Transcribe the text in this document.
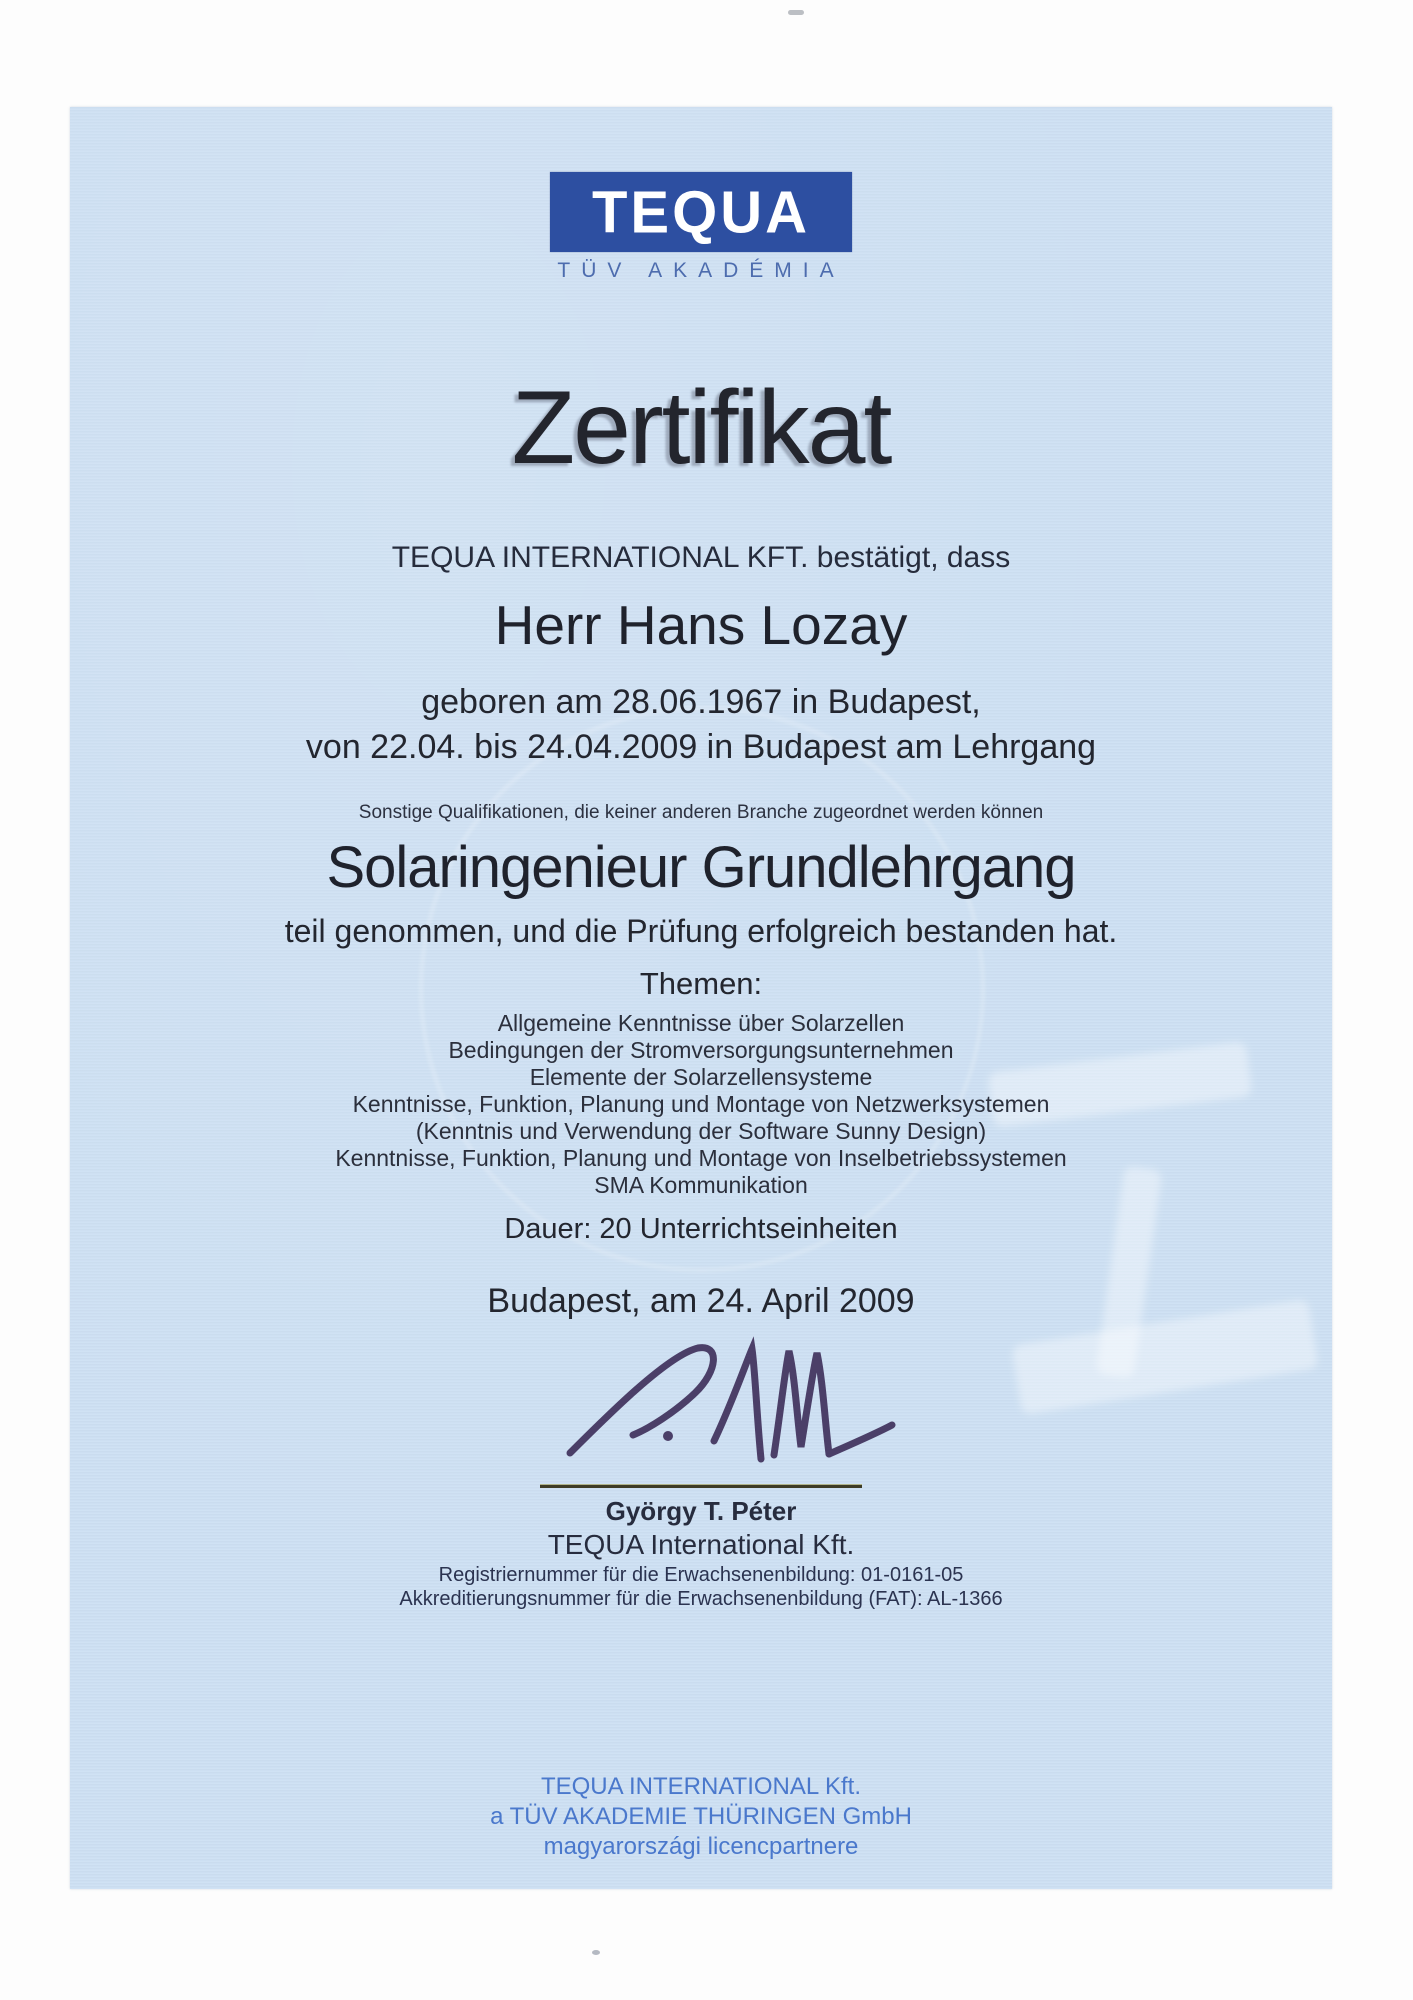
TEQUA
TÜV AKADÉMIA
Zertifikat
TEQUA INTERNATIONAL KFT. bestätigt, dass
Herr Hans Lozay
geboren am 28.06.1967 in Budapest,
von 22.04. bis 24.04.2009 in Budapest am Lehrgang
Sonstige Qualifikationen, die keiner anderen Branche zugeordnet werden können
Solaringenieur Grundlehrgang
teil genommen, und die Prüfung erfolgreich bestanden hat.
Themen:
Allgemeine Kenntnisse über Solarzellen
Bedingungen der Stromversorgungsunternehmen
Elemente der Solarzellensysteme
Kenntnisse, Funktion, Planung und Montage von Netzwerksystemen
(Kenntnis und Verwendung der Software Sunny Design)
Kenntnisse, Funktion, Planung und Montage von Inselbetriebssystemen
SMA Kommunikation
Dauer: 20 Unterrichtseinheiten
Budapest, am 24. April 2009
György T. Péter
TEQUA International Kft.
Registriernummer für die Erwachsenenbildung: 01-0161-05
Akkreditierungsnummer für die Erwachsenenbildung (FAT): AL-1366
TEQUA INTERNATIONAL Kft.
a TÜV AKADEMIE THÜRINGEN GmbH
magyarországi licencpartnere
